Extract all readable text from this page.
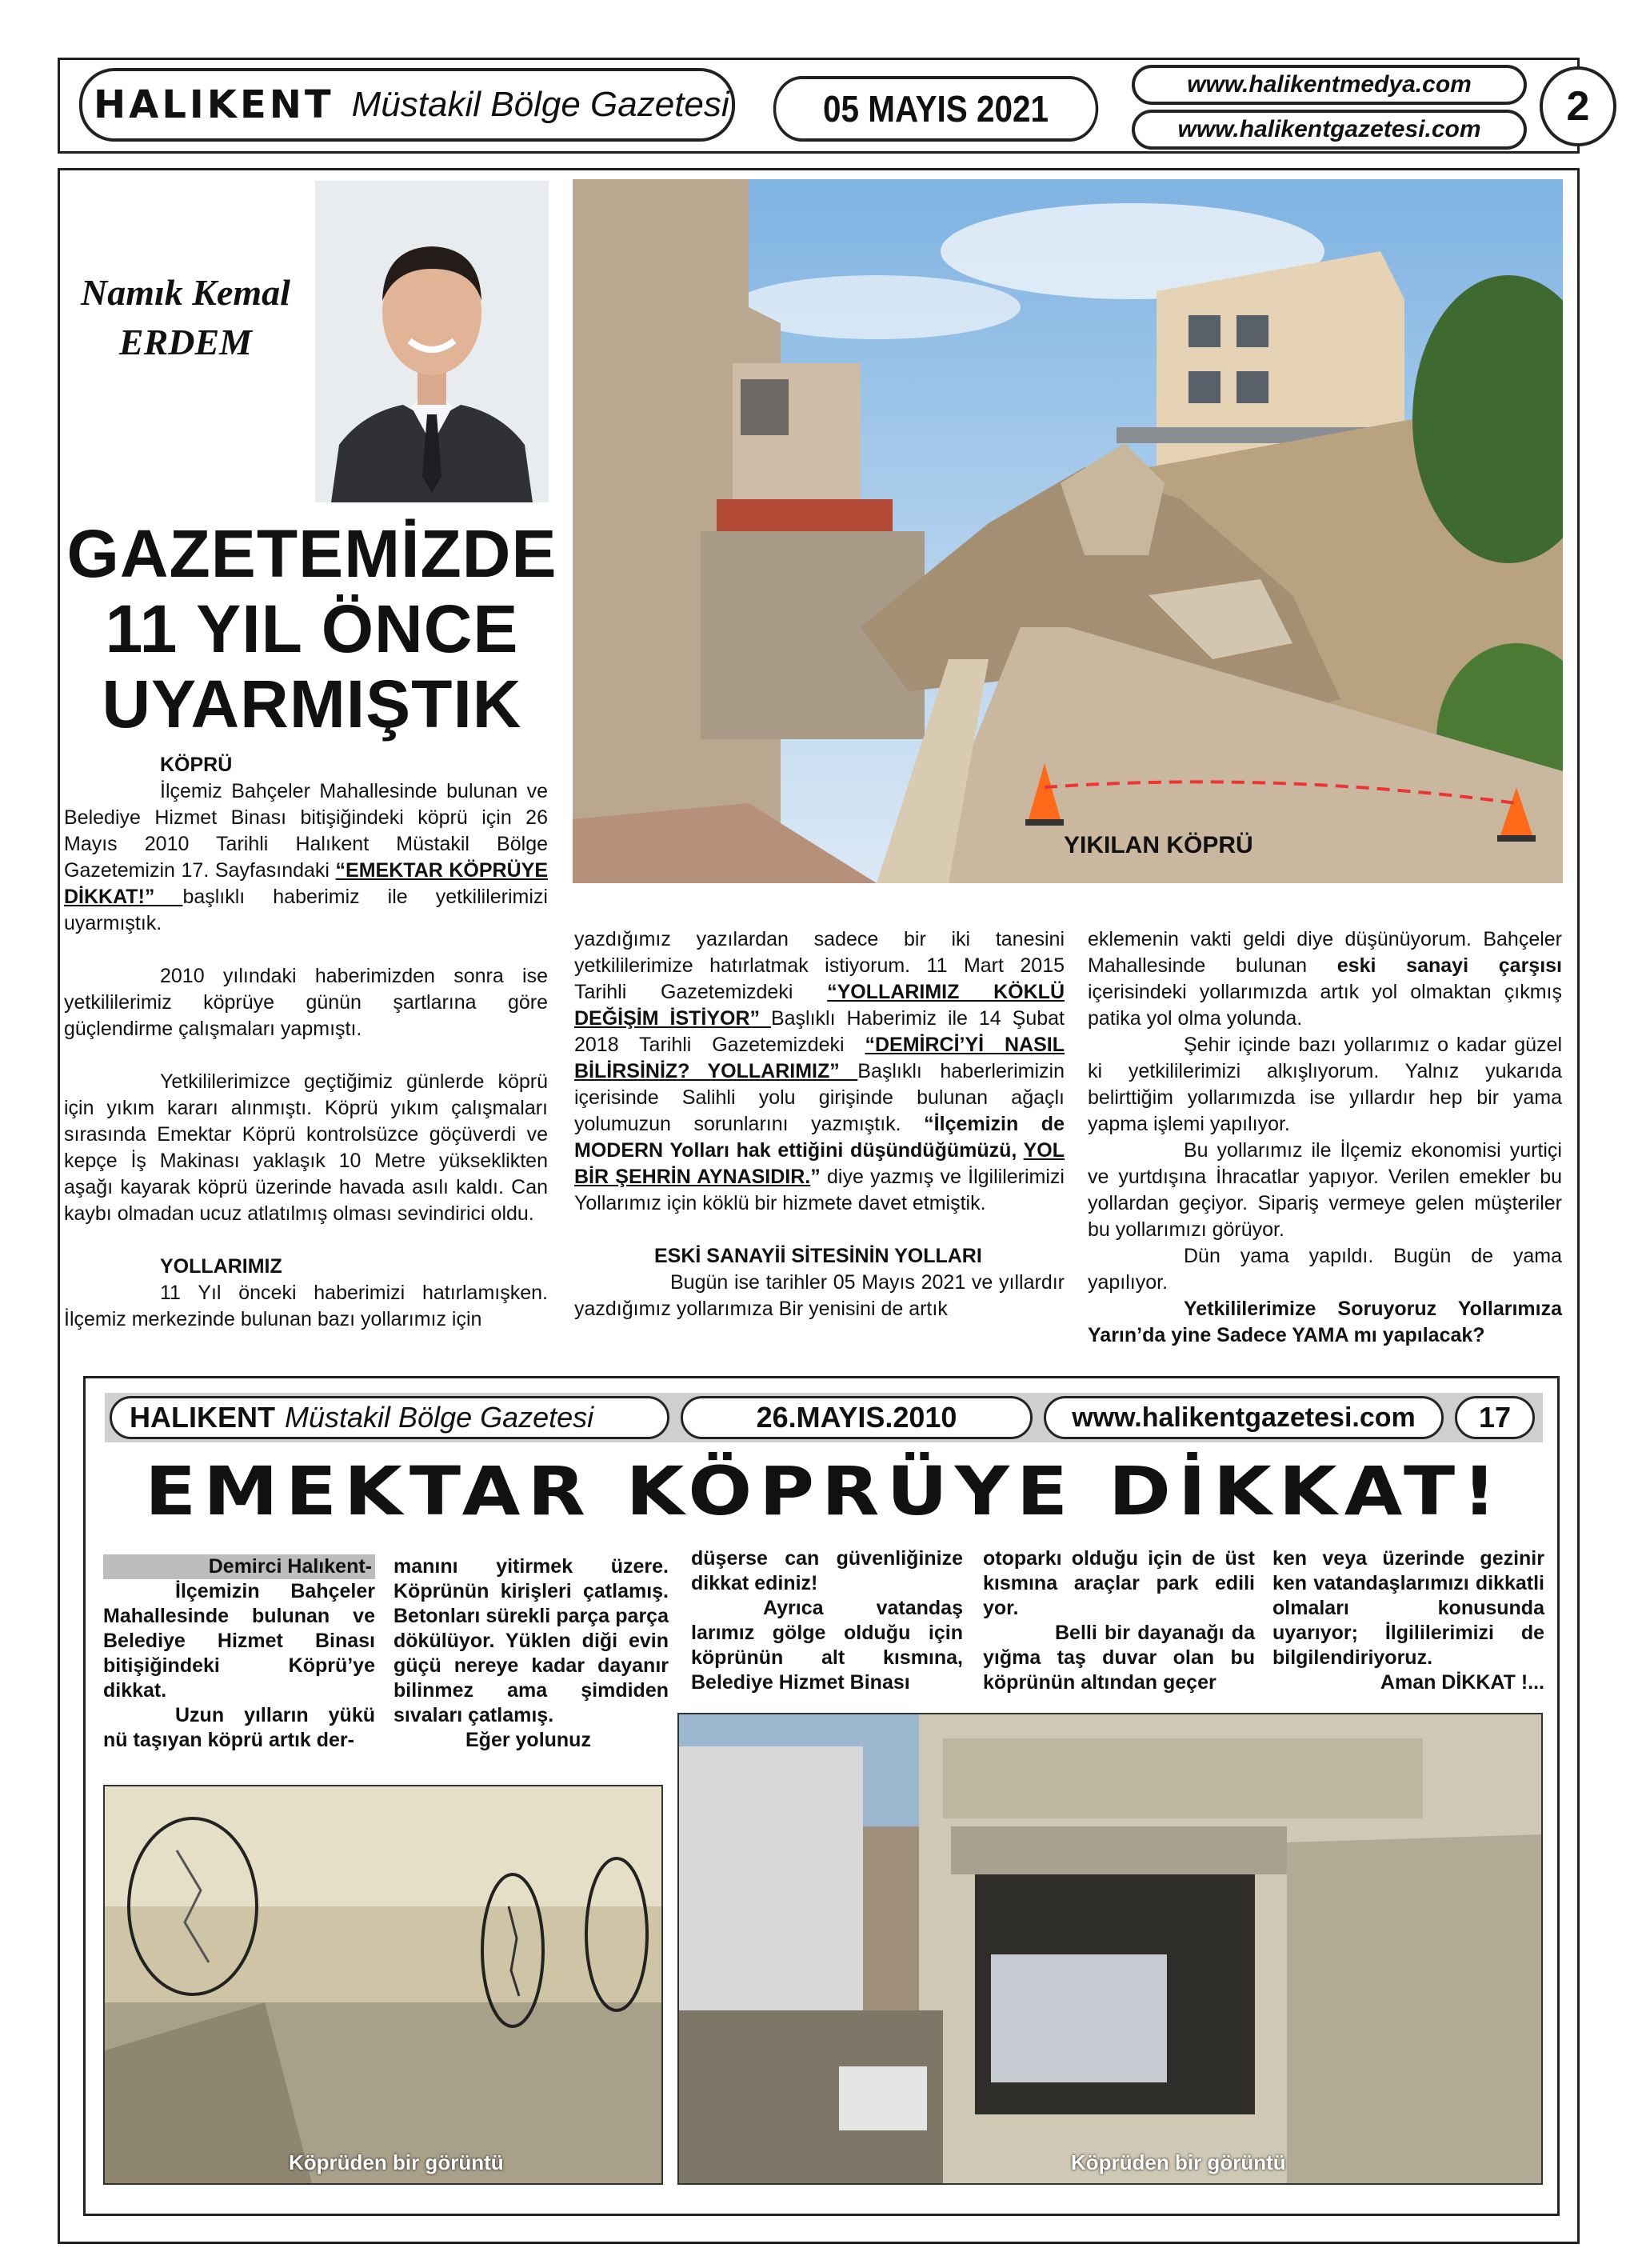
HALIKENT Müstakil Bölge Gazetesi	05 MAYIS 2021
www.halikentmedya.com
www.halikentgazetesi.com	2
Namık Kemal
ERDEM
GAZETEMİZDE
11 YIL ÖNCE
UYARMIŞTIK
YIKILAN KÖPRÜ

KÖPRÜ

İlçemiz Bahçeler Mahallesinde bulunan ve Belediye Hizmet Binası bitişiğindeki köprü için 26 Mayıs 2010 Tarihli Halıkent Müstakil Bölge Gazetemizin 17. Sayfasındaki “EMEKTAR KÖPRÜYE DİKKAT!” başlıklı haberimiz ile yetkililerimizi uyarmıştık.

2010 yılındaki haberimizden sonra ise yetkililerimiz köprüye günün şartlarına göre güçlendirme çalışmaları yapmıştı.

Yetkililerimizce geçtiğimiz günlerde köprü için yıkım kararı alınmıştı. Köprü yıkım çalışmaları sırasında Emektar Köprü kontrolsüzce göçüverdi ve kepçe İş Makinası yaklaşık 10 Metre yükseklikten aşağı kayarak köprü üzerinde havada asılı kaldı. Can kaybı olmadan ucuz atlatılmış olması sevindirici oldu.

YOLLARIMIZ

11 Yıl önceki haberimizi hatırlamışken. İlçemiz merkezinde bulunan bazı yollarımız için

yazdığımız yazılardan sadece bir iki tanesini yetkililerimize hatırlatmak istiyorum. 11 Mart 2015 Tarihli Gazetemizdeki “YOLLARIMIZ KÖKLÜ DEĞİŞİM İSTİYOR” Başlıklı Haberimiz ile 14 Şubat 2018 Tarihli Gazetemizdeki “DEMİRCİ’Yİ NASIL BİLİRSİNİZ? YOLLARIMIZ” Başlıklı haberlerimizin içerisinde Salihli yolu girişinde bulunan ağaçlı yolumuzun sorunlarını yazmıştık. “İlçemizin de MODERN Yolları hak ettiğini düşündüğümüzü, YOL BİR ŞEHRİN AYNASIDIR.” diye yazmış ve İlgililerimizi Yollarımız için köklü bir hizmete davet etmiştik.

ESKİ SANAYİİ SİTESİNİN YOLLARI

Bugün ise tarihler 05 Mayıs 2021 ve yıllardır yazdığımız yollarımıza Bir yenisini de artık

eklemenin vakti geldi diye düşünüyorum. Bahçeler Mahallesinde bulunan eski sanayi çarşısı içerisindeki yollarımızda artık yol olmaktan çıkmış patika yol olma yolunda.

Şehir içinde bazı yollarımız o kadar güzel ki yetkililerimizi alkışlıyorum. Yalnız yukarıda belirttiğim yollarımızda ise yıllardır hep bir yama yapma işlemi yapılıyor.

Bu yollarımız ile İlçemiz ekonomisi yurtiçi ve yurtdışına İhracatlar yapıyor. Verilen emekler bu yollardan geçiyor. Sipariş vermeye gelen müşteriler bu yollarımızı görüyor.

Dün yama yapıldı. Bugün de yama yapılıyor.

Yetkililerimize Soruyoruz Yollarımıza Yarın’da yine Sadece YAMA mı yapılacak?

HALIKENT Müstakil Bölge Gazetesi	26.MAYIS.2010	www.halikentgazetesi.com	17
EMEKTAR KÖPRÜYE DİKKAT!

Demirci Halıkent-

İlçemizin Bahçeler Mahallesinde bulunan ve Belediye Hizmet Binası bitişiğindeki Köprü’ye dikkat.

Uzun yılların yükü nü taşıyan köprü artık der-

manını yitirmek üzere. Köprünün kirişleri çatlamış. Betonları sürekli parça parça dökülüyor. Yüklen diği evin güçü nereye kadar dayanır bilinmez ama şimdiden sıvaları çatlamış.

Eğer yolunuz

düşerse can güvenliğinize dikkat ediniz!

Ayrıca vatandaş larımız gölge olduğu için köprünün alt kısmına, Belediye Hizmet Binası

otoparkı olduğu için de üst kısmına araçlar park edili yor.

Belli bir dayanağı da yığma taş duvar olan bu köprünün altından geçer

ken veya üzerinde gezinir ken vatandaşlarımızı dikkatli olmaları konusunda uyarıyor; İlgililerimizi de bilgilendiriyoruz.

Aman DİKKAT !...

Köprüden bir görüntü	Köprüden bir görüntü
